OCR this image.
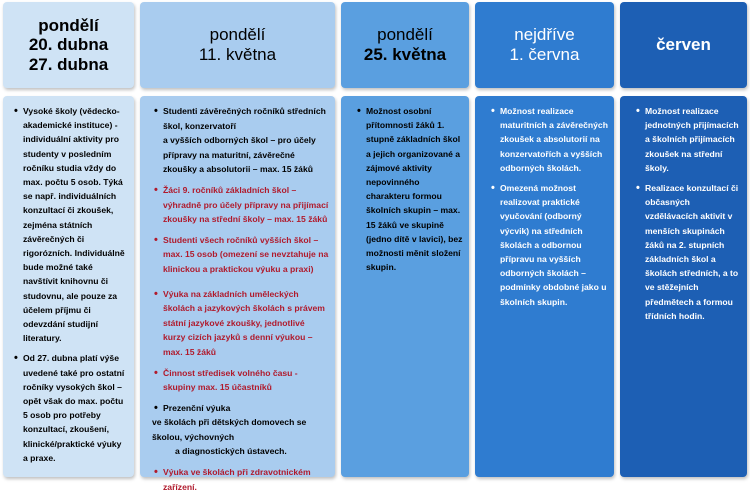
pondělí
20. dubna
27. dubna
• Vysoké školy (vědecko-akademické instituce) - individuální aktivity pro studenty v posledním ročníku studia vždy do max. počtu 5 osob. Týká se např. individuálních konzultací či zkoušek, zejména státních závěrečných či rigorózních. Individuálně bude možné také navštívit knihovnu či studovnu, ale pouze za účelem příjmu či odevzdání studijní literatury.
• Od 27. dubna platí výše uvedené také pro ostatní ročníky vysokých škol – opět však do max. počtu 5 osob pro potřeby konzultací, zkoušení, klinické/praktické výuky a praxe.
pondělí
11. května
• Studenti závěrečných ročníků středních škol, konzervatoří
a vyšších odborných škol – pro účely přípravy na maturitní, závěrečné zkoušky a absolutorii – max. 15 žáků
• Žáci 9. ročníků základních škol – výhradně pro účely přípravy na přijímací zkoušky na střední školy – max. 15 žáků
• Studenti všech ročníků vyšších škol – max. 15 osob (omezení se nevztahuje na klinickou a praktickou výuku a praxi)
• Výuka na základních uměleckých školách a jazykových školách s právem státní jazykové zkoušky, jednotlivé kurzy cizích jazyků s denní výukou – max. 15 žáků
• Činnost středisek volného času - skupiny max. 15 účastníků
• Prezenční výuka
ve školách při dětských domovech se školou, výchovných
a diagnostických ústavech.
• Výuka ve školách při zdravotnickém zařízení.
pondělí
25. května
• Možnost osobní přítomnosti žáků 1. stupně základních škol a jejich organizované a zájmové aktivity nepovinného charakteru formou školních skupin – max. 15 žáků ve skupině (jedno dítě v lavici), bez možnosti měnit složení skupin.
nejdříve
1. června
• Možnost realizace maturitních a závěrečných zkoušek a absolutorií na konzervatořích a vyšších odborných školách.
• Omezená možnost realizovat praktické vyučování (odborný výcvik) na středních školách a odbornou přípravu na vyšších odborných školách – podmínky obdobné jako u školních skupin.
červen
• Možnost realizace jednotných přijímacích a školních přijímacích zkoušek na střední školy.
• Realizace konzultací či občasných vzdělávacích aktivit v menších skupinách žáků na 2. stupních základních škol a školách středních, a to ve stěžejních předmětech a formou třídních hodin.
